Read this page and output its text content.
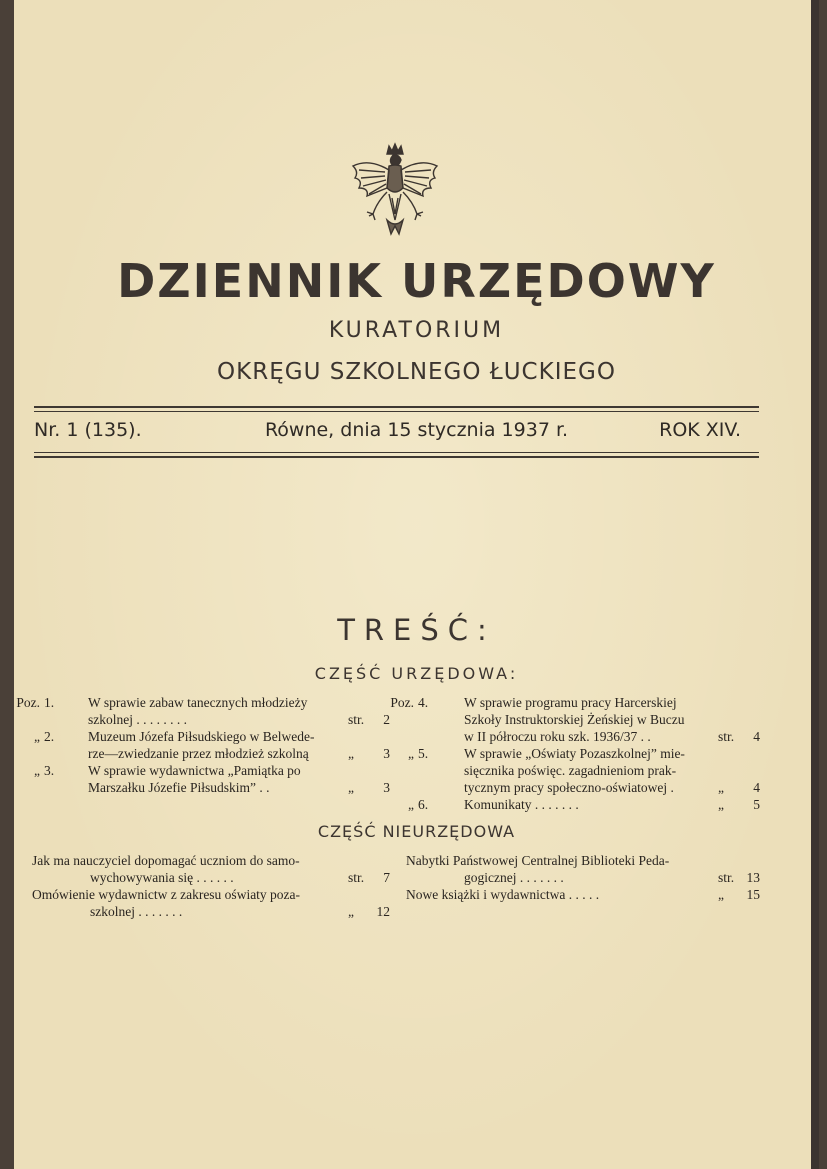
DZIENNIK URZĘDOWY
KURATORIUM
OKRĘGU SZKOLNEGO ŁUCKIEGO
Nr. 1 (135).	Równe, dnia 15 stycznia 1937 r.	ROK XIV.
TREŚĆ:
CZĘŚĆ URZĘDOWA:
Poz. 1.	W sprawie zabaw tanecznych młodzieży
szkolnej . . . . . . . .	str.	2
„ 2.	Muzeum Józefa Piłsudskiego w Belwede-
rze—zwiedzanie przez młodzież szkolną	„	3
„ 3.	W sprawie wydawnictwa „Pamiątka po
Marszałku Józefie Piłsudskim” . .	„	3
Poz. 4.	W sprawie programu pracy Harcerskiej
Szkoły Instruktorskiej Żeńskiej w Buczu
w II półroczu roku szk. 1936/37 . .	str.	4
„ 5.	W sprawie „Oświaty Pozaszkolnej” mie-
sięcznika poświęc. zagadnieniom prak-
tycznym pracy społeczno-oświatowej .	„	4
„ 6.	Komunikaty . . . . . . .	„	5
CZĘŚĆ NIEURZĘDOWA
Jak ma nauczyciel dopomagać uczniom do samo-
wychowywania się . . . . . .	str.	7
Omówienie wydawnictw z zakresu oświaty poza-
szkolnej . . . . . . .	„	12
Nabytki Państwowej Centralnej Biblioteki Peda-
gogicznej . . . . . . .	str. 13
Nowe książki i wydawnictwa . . . . .	„	15
